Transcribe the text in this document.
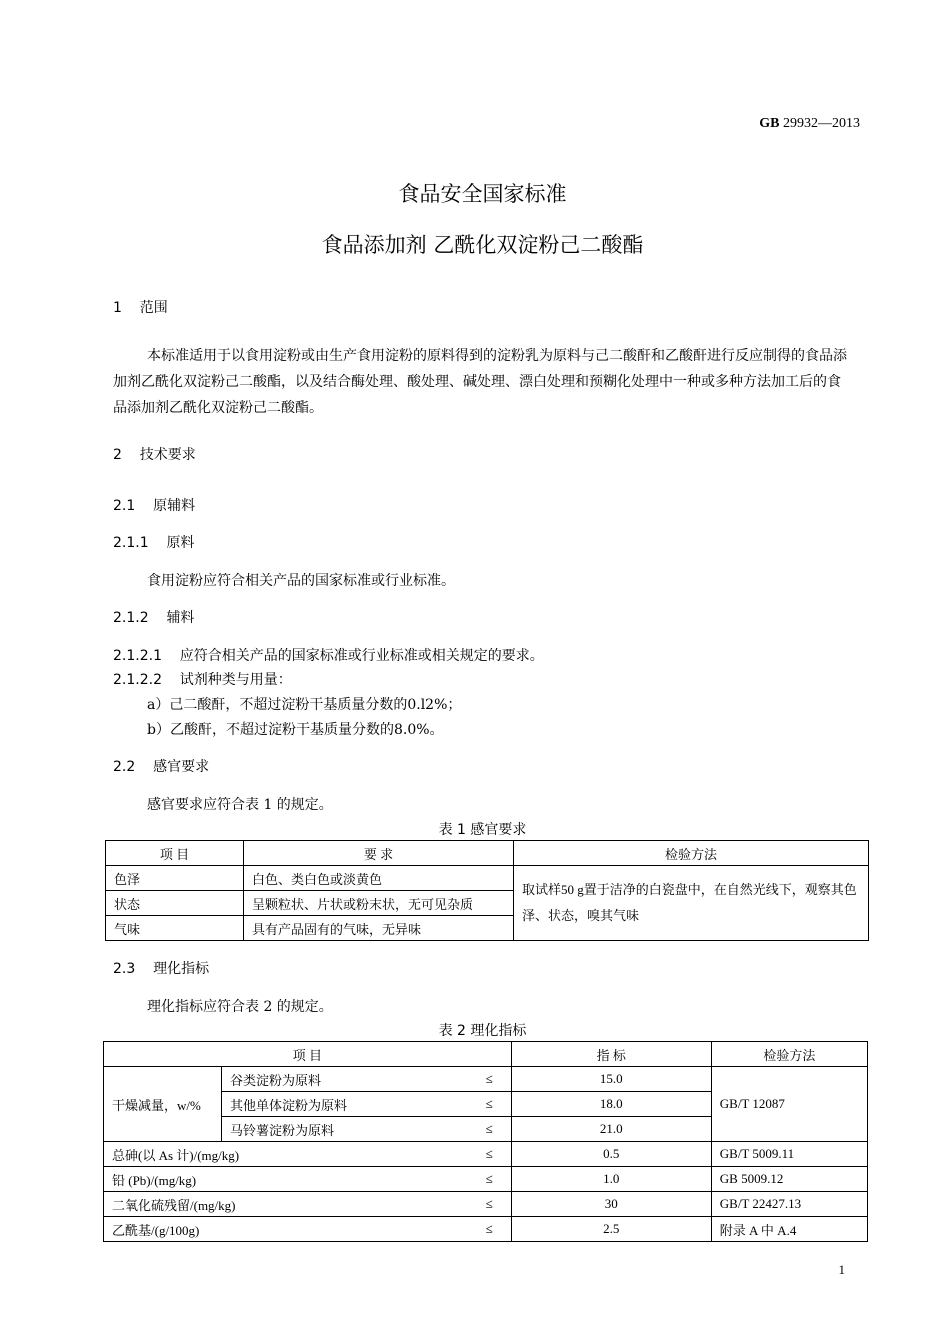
GB 29932—2013
食品安全国家标准
食品添加剂 乙酰化双淀粉己二酸酯
1 范围
本标准适用于以食用淀粉或由生产食用淀粉的原料得到的淀粉乳为原料与己二酸酐和乙酸酐进行反应制得的食品添加剂乙酰化双淀粉己二酸酯，以及结合酶处理、酸处理、碱处理、漂白处理和预糊化处理中一种或多种方法加工后的食品添加剂乙酰化双淀粉己二酸酯。
2 技术要求
2.1 原辅料
2.1.1 原料
食用淀粉应符合相关产品的国家标准或行业标准。
2.1.2 辅料
2.1.2.1 应符合相关产品的国家标准或行业标准或相关规定的要求。
2.1.2.2 试剂种类与用量：
a）己二酸酐，不超过淀粉干基质量分数的0.l2%；
b）乙酸酐，不超过淀粉干基质量分数的8.0%。
2.2 感官要求
感官要求应符合表 1 的规定。
表 1 感官要求
项 目	要 求	检验方法
色泽	白色、类白色或淡黄色	取试样50 g置于洁净的白瓷盘中，在自然光线下，观察其色泽、状态，嗅其气味
状态	呈颗粒状、片状或粉末状，无可见杂质	
气味	具有产品固有的气味，无异味	
2.3 理化指标
理化指标应符合表 2 的规定。
表 2 理化指标
项 目			指 标	检验方法
干燥减量，w/%	谷类淀粉为原料	≤	15.0	GB/T 12087
	其他单体淀粉为原料	≤	18.0	
	马铃薯淀粉为原料	≤	21.0	
总砷(以 As 计)/(mg/kg)		≤	0.5	GB/T 5009.11
铅 (Pb)/(mg/kg)		≤	1.0	GB 5009.12
二氧化硫残留/(mg/kg)		≤	30	GB/T 22427.13
乙酰基/(g/100g)		≤	2.5	附录 A 中 A.4
1
